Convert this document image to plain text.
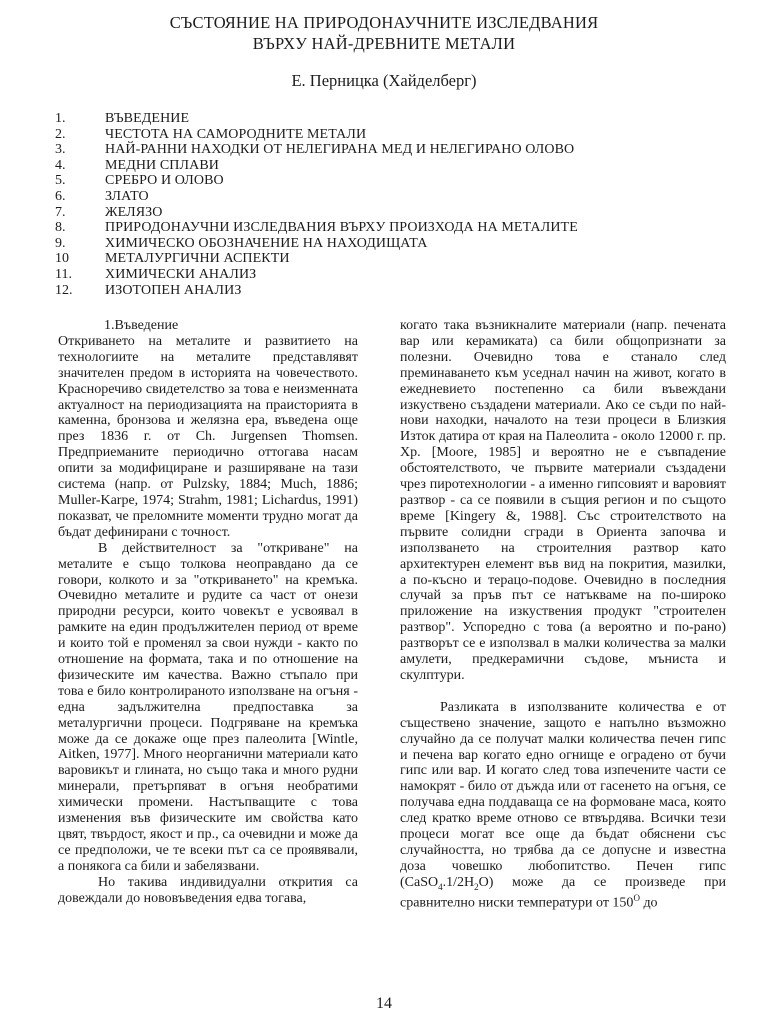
СЪСТОЯНИЕ НА ПРИРОДОНАУЧНИТЕ ИЗСЛЕДВАНИЯ
ВЪРХУ НАЙ-ДРЕВНИТЕ МЕТАЛИ
Е. Перницка (Хайделберг)
1.	ВЪВЕДЕНИЕ
2.	ЧЕСТОТА НА САМОРОДНИТЕ МЕТАЛИ
3.	НАЙ-РАННИ НАХОДКИ ОТ НЕЛЕГИРАНА МЕД И НЕЛЕГИРАНО ОЛОВО
4.	МЕДНИ СПЛАВИ
5.	СРЕБРО И ОЛОВО
6.	ЗЛАТО
7.	ЖЕЛЯЗО
8.	ПРИРОДОНАУЧНИ ИЗСЛЕДВАНИЯ ВЪРХУ ПРОИЗХОДА НА МЕТАЛИТЕ
9.	ХИМИЧЕСКО ОБОЗНАЧЕНИЕ НА НАХОДИЩАТА
10	МЕТАЛУРГИЧНИ АСПЕКТИ
11.	ХИМИЧЕСКИ АНАЛИЗ
12.	ИЗОТОПЕН АНАЛИЗ
1.Въведение

Откриването на металите и развитието на технологиите на металите представлявят значителен предом в историята на човечеството. Красноречиво свидетелство за това е неизменната актуалност на периодизацията на праисторията в каменна, бронзова и желязна ера, въведена още през 1836 г. от Ch. Jurgensen Thomsen. Предприеманите периодично оттогава насам опити за модифициране и разширяване на тази система (напр. от Pulzsky, 1884; Much, 1886; Muller-Karpe, 1974; Strahm, 1981; Lichardus, 1991) показват, че преломните моменти трудно могат да бъдат дефинирани с точност.

В действителност за "откриване" на металите е също толкова неоправдано да се говори, колкото и за "откриването" на кремъка. Очевидно металите и рудите са част от онези природни ресурси, които човекът е усвоявал в рамките на един продължителен период от време и които той е променял за свои нужди - както по отношение на формата, така и по отношение на физическите им качества. Важно стъпало при това е било контролираното използване на огъня - една задължителна предпоставка за металургични процеси. Подгряване на кремъка може да се докаже още през палеолита [Wintle, Aitken, 1977]. Много неорганични материали като варовикът и глината, но също така и много рудни минерали, претърпяват в огъня необратими химически промени. Настъпващите с това изменения във физическите им свойства като цвят, твърдост, якост и пр., са очевидни и може да се предположи, че те всеки път са се проявявали, а понякога са били и забелязвани.

Но такива индивидуални открития са довеждали до нововъведения едва тогава,

когато така възникналите материали (напр. печената вар или керамиката) са били общопризнати за полезни. Очевидно това е станало след преминаването към уседнал начин на живот, когато в ежедневието постепенно са били въвеждани изкуствено създадени материали. Ако се съди по най-нови находки, началото на тези процеси в Близкия Изток датира от края на Палеолита - около 12000 г. пр. Хр. [Moore, 1985] и вероятно не е съвпадение обстоятелството, че първите материали създадени чрез пиротехнологии - а именно гипсовият и варовият разтвор - са се появили в същия регион и по същото време [Kingery &, 1988]. Със строителството на първите солидни сгради в Ориента започва и използването на строителния разтвор като архитектурен елемент във вид на покрития, мазилки, а по-късно и терацо-подове. Очевидно в последния случай за пръв път се натъкваме на по-широко приложение на изкуствения продукт "строителен разтвор". Успоредно с това (а вероятно и по-рано) разтворът се е използвал в малки количества за малки амулети, предкерамични съдове, мъниста и скулптури.

Разликата в използваните количества е от съществено значение, защото е напълно възможно случайно да се получат малки количества печен гипс и печена вар когато едно огнище е оградено от бучи гипс или вар. И когато след това изпечените части се намокрят - било от дъжда или от гасенето на огъня, се получава една поддаваща се на формоване маса, която след кратко време отново се втвърдява. Всички тези процеси могат все още да бъдат обяснени със случайността, но трябва да се допусне и известна доза човешко любопитство. Печен гипс $(CaSO_4.1/2H_2O)$ може да се произведе при сравнително ниски температури от $150^O$ до

14
